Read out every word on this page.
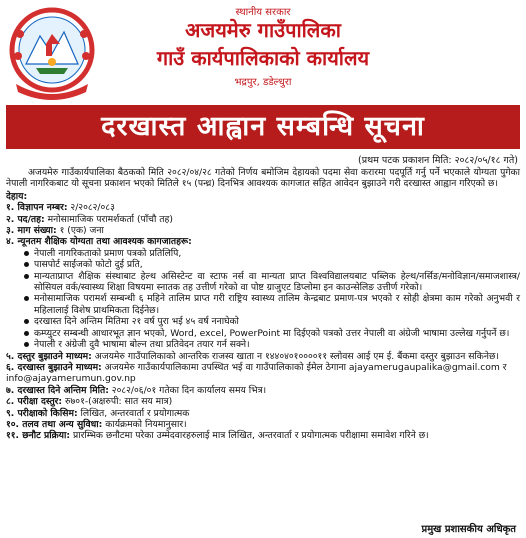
स्थानीय सरकार
अजयमेरु गाउँपालिका
गाउँ कार्यपालिकाको कार्यालय
भद्रपुर, डडेल्धुरा
दरखास्त आह्वान सम्बन्धि सूचना
(प्रथम पटक प्रकाशन मिति: २०८२/०५/१८ गते)

अजयमेरु गाउँकार्यपालिका बैठकको मिति २०८२/०४/२८ गतेको निर्णय बमोजिम देहायको पदमा सेवा करारमा पदपूर्ति गर्नु पर्ने भएकाले योग्यता पुगेका नेपाली नागरिकबाट यो सूचना प्रकाशन भएको मितिले १५ (पन्ध्र) दिनभित्र आवश्यक कागजात सहित आवेदन बुझाउने गरी दरखास्त आह्वान गरिएको छ।

देहाय:

१. विज्ञापन नम्बर: २/२०८२/०८३

२. पद/तह: मनोसामाजिक परामर्शकर्ता (पाँचौ तह)

३. माग संख्या: १ (एक) जना

४. न्यूनतम शैक्षिक योग्यता तथा आवश्यक कागजातहरू:

नेपाली नागरिकताको प्रमाण पत्रको प्रतिलिपि,
पासपोर्ट साईजको फोटो दुई प्रति,
मान्यताप्राप्त शैक्षिक संस्थाबाट हेल्थ असिस्टेन्ट वा स्टाफ नर्स वा मान्यता प्राप्त विश्वविद्यालयबाट पब्लिक हेल्थ/नर्सिङ/मनोविज्ञान/समाजशास्त्र/सोसियल वर्क/स्वास्थ्य शिक्षा विषयमा स्नातक तह उत्तीर्ण गरेको वा पोष्ट ग्राजुएट डिप्लोमा इन काउन्सेलिङ उत्तीर्ण गरेको।
मनोसामाजिक परामर्श सम्बन्धी ६ महिने तालिम प्राप्त गरी राष्ट्रिय स्वास्थ्य तालिम केन्द्रबाट प्रमाण-पत्र भएको र सोही क्षेत्रमा काम गरेको अनुभवी र महिलालाई विशेष प्राथमिकता दिईनेछ।
दरखास्त दिने अन्तिम मितिमा २१ वर्ष पुरा भई ४५ वर्ष ननाघेको
कम्प्युटर सम्बन्धी आधारभूत ज्ञान भएको, Word, excel, PowerPoint मा दिईएको पत्रको उत्तर नेपाली वा अंग्रेजी भाषामा उल्लेख गर्नुपर्ने छ।
नेपाली र अंग्रेजी दुवै भाषामा बोल्न तथा प्रतिवेदन तयार गर्न सक्ने।

५. दस्तुर बुझाउने माध्यम: अजयमेरु गाउँपालिकाको आन्तरिक राजस्व खाता न १४४०४०१००००११ स्लोवस आई एम ई. बैंकमा दस्तुर बुझाउन सकिनेछ।

६. दरखास्त बुझाउने माध्यम: अजयमेरु गाउँकार्यपालिकामा उपस्थित भई वा गाउँपालिकाको ईमेल ठेगाना ajayamerugaupalika@gmail.com र info@ajayamerumun.gov.np

७. दरखास्त दिने अन्तिम मिति: २०८२/०६/०१ गतेका दिन कार्यालय समय भित्र।

८. परीक्षा दस्तुर: रु७०१-(अक्षरुपी: सात सय मात्र)

९. परीक्षाको किसिम: लिखित, अन्तरवार्ता र प्रयोगात्मक

१०. तलव तथा अन्य सुविधा: कार्यक्रमको नियमानुसार।

११. छनौट प्रक्रिया: प्रारम्भिक छनौटमा परेका उम्मेदवारहरुलाई मात्र लिखित, अन्तरवार्ता र प्रयोगात्मक परीक्षामा समावेश गरिने छ।

प्रमुख प्रशासकीय अधिकृत
